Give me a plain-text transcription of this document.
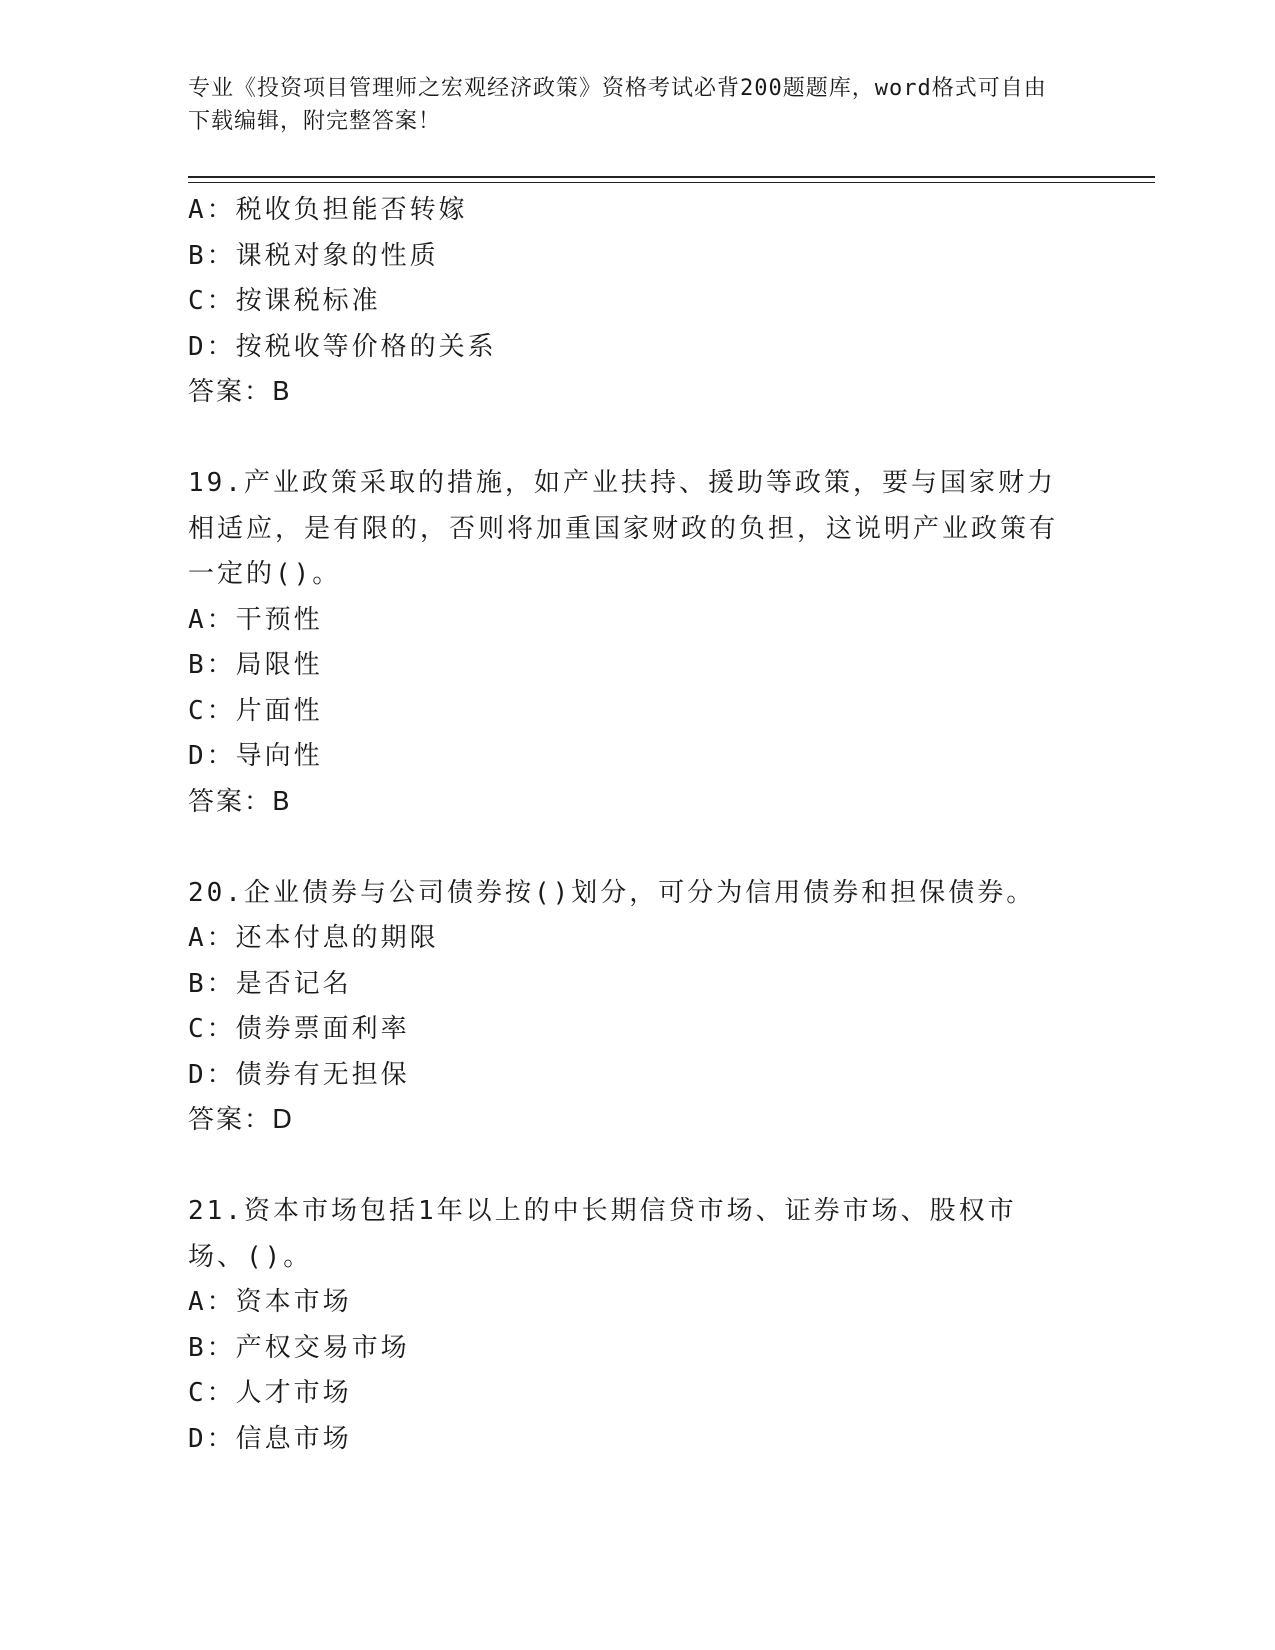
专业《投资项目管理师之宏观经济政策》资格考试必背200题题库，word格式可自由下载编辑，附完整答案！
A：税收负担能否转嫁
B：课税对象的性质
C：按课税标准
D：按税收等价格的关系
答案：B
19.产业政策采取的措施，如产业扶持、援助等政策，要与国家财力相适应，是有限的，否则将加重国家财政的负担，这说明产业政策有一定的()。
A：干预性
B：局限性
C：片面性
D：导向性
答案：B
20.企业债券与公司债券按()划分，可分为信用债券和担保债券。
A：还本付息的期限
B：是否记名
C：债券票面利率
D：债券有无担保
答案：D
21.资本市场包括1年以上的中长期信贷市场、证券市场、股权市场、()。
A：资本市场
B：产权交易市场
C：人才市场
D：信息市场
